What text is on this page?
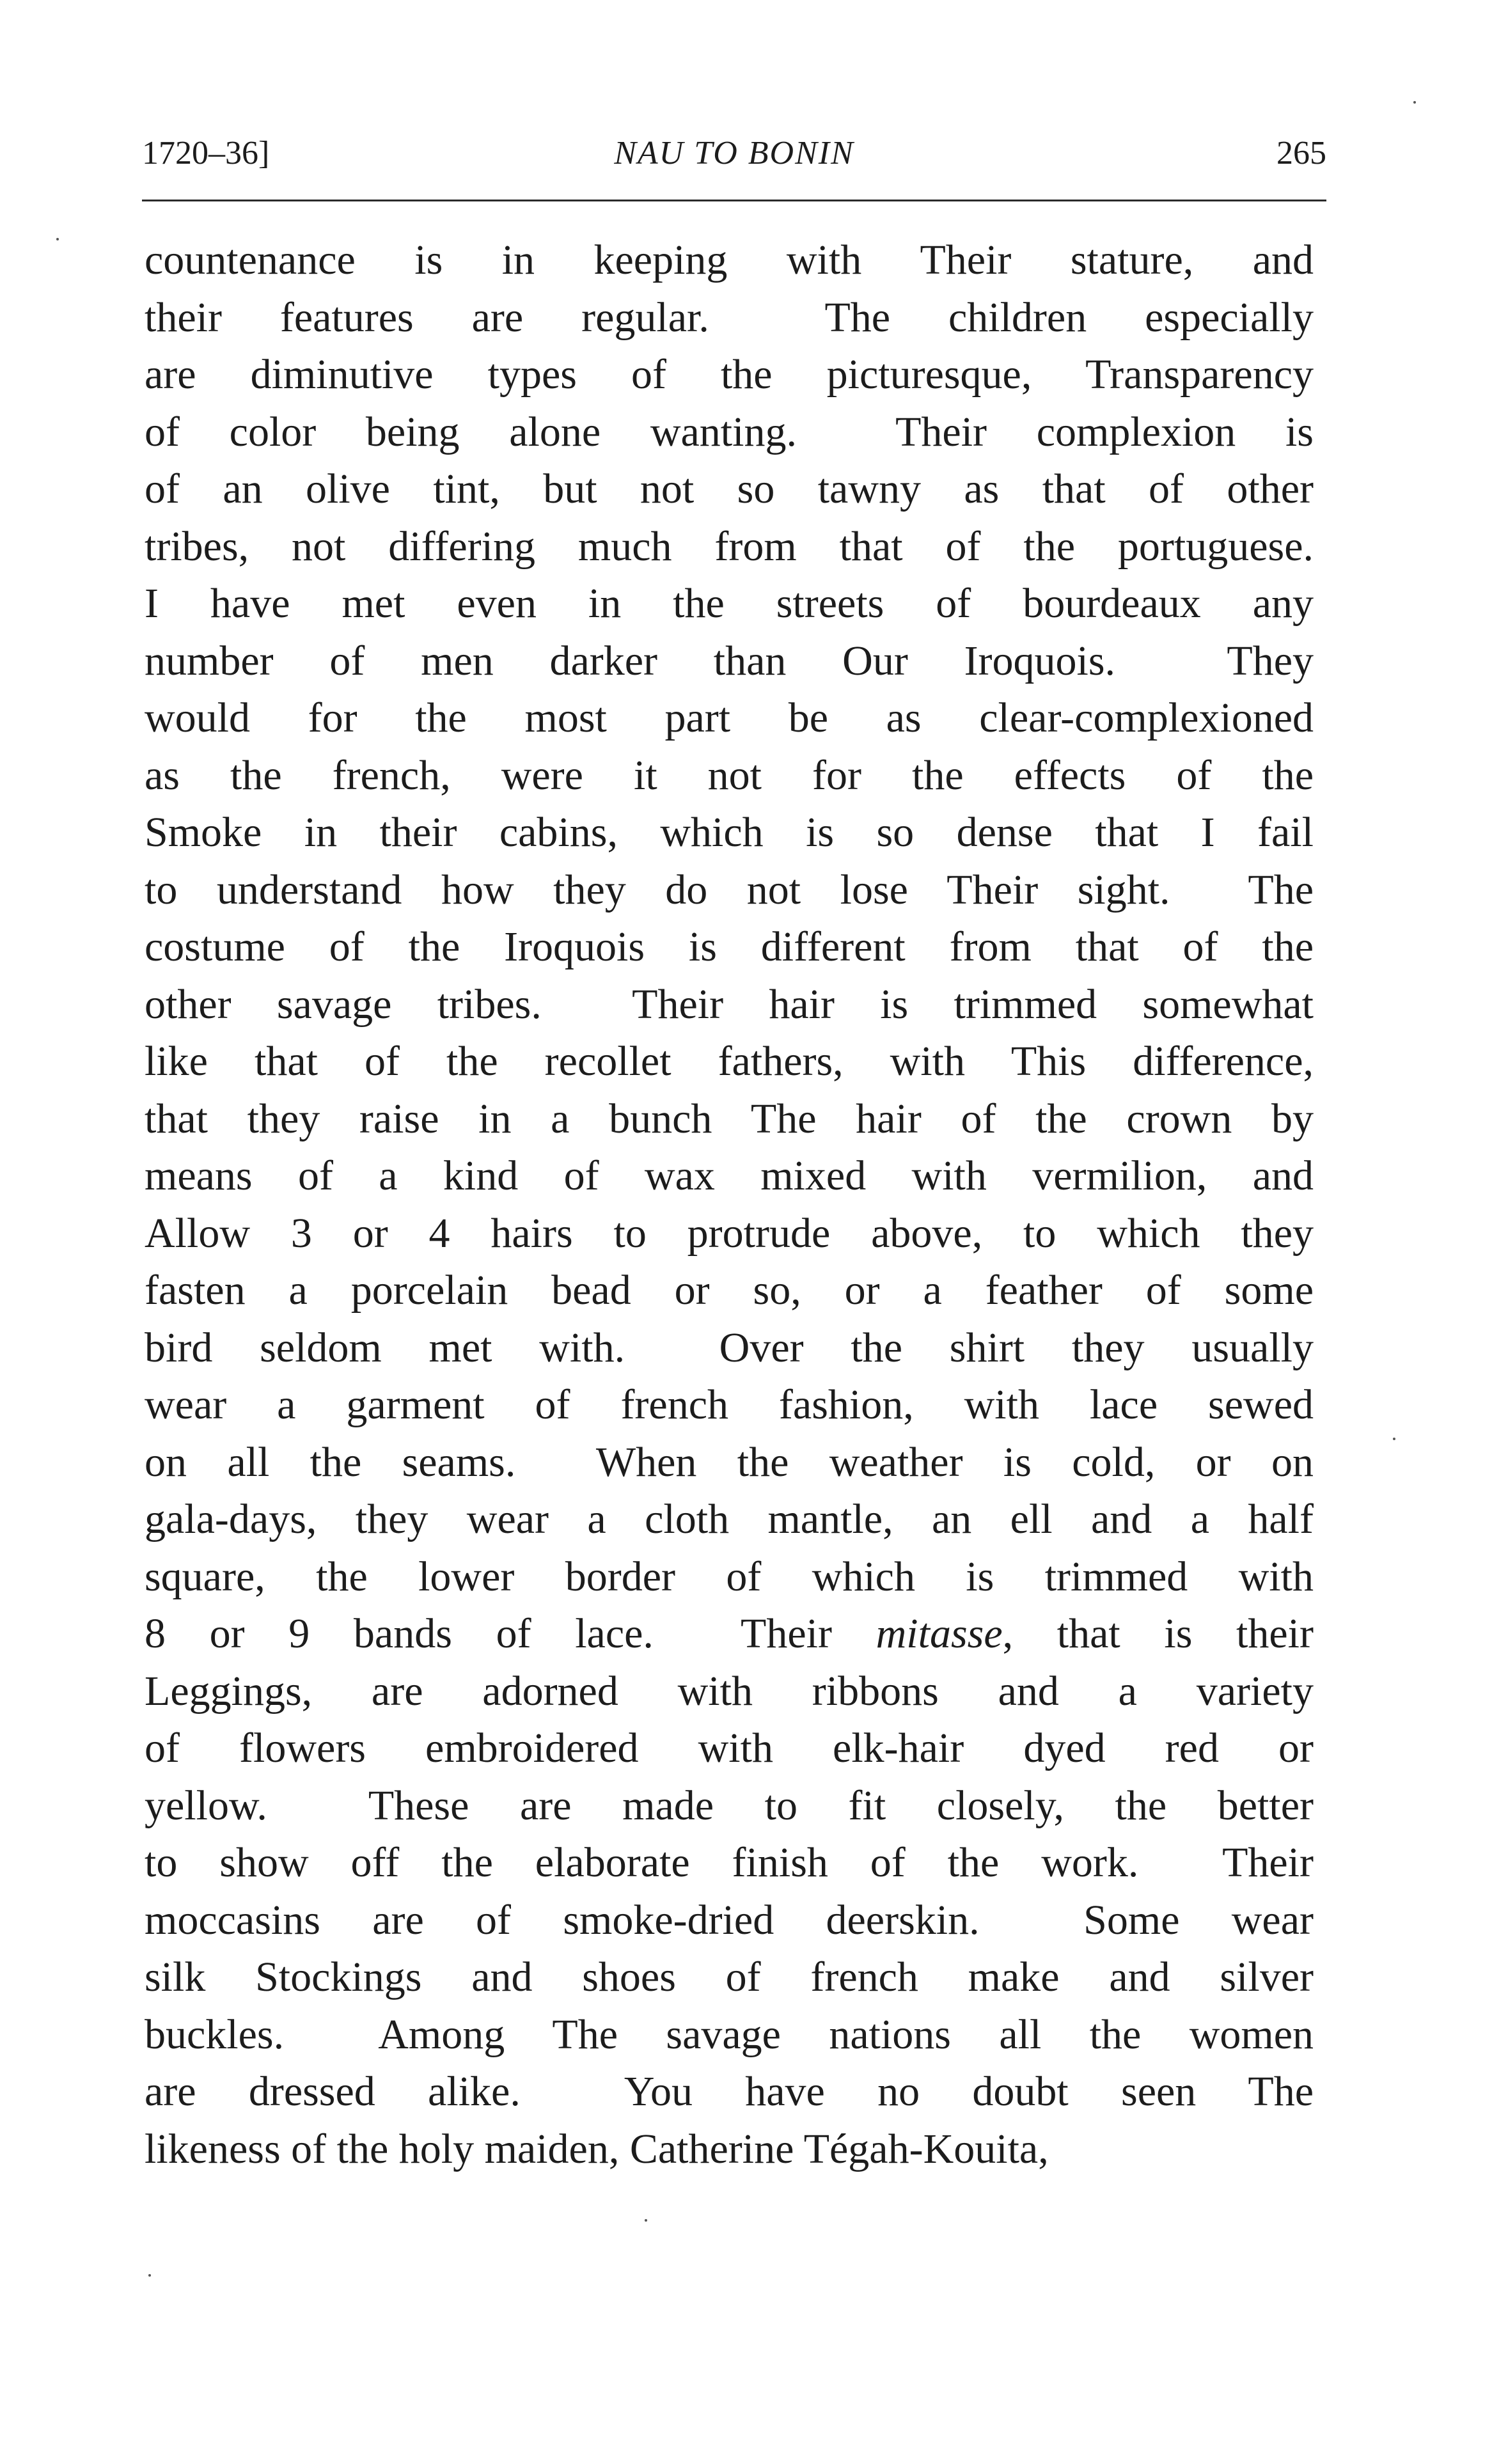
1720–36]	NAU TO BONIN	265
countenance is in keeping with Their stature, and
their features are regular.  The children especially
are diminutive types of the picturesque, Transparency
of color being alone wanting.  Their complexion is
of an olive tint, but not so tawny as that of other
tribes, not differing much from that of the portuguese.
I have met even in the streets of bourdeaux any
number of men darker than Our Iroquois.  They
would for the most part be as clear-complexioned
as the french, were it not for the effects of the
Smoke in their cabins, which is so dense that I fail
to understand how they do not lose Their sight.  The
costume of the Iroquois is different from that of the
other savage tribes.  Their hair is trimmed somewhat
like that of the recollet fathers, with This difference,
that they raise in a bunch The hair of the crown by
means of a kind of wax mixed with vermilion, and
Allow 3 or 4 hairs to protrude above, to which they
fasten a porcelain bead or so, or a feather of some
bird seldom met with.  Over the shirt they usually
wear a garment of french fashion, with lace sewed
on all the seams.  When the weather is cold, or on
gala-days, they wear a cloth mantle, an ell and a half
square, the lower border of which is trimmed with
8 or 9 bands of lace.  Their mitasse, that is their
Leggings, are adorned with ribbons and a variety
of flowers embroidered with elk-hair dyed red or
yellow.  These are made to fit closely, the better
to show off the elaborate finish of the work.  Their
moccasins are of smoke-dried deerskin.  Some wear
silk Stockings and shoes of french make and silver
buckles.  Among The savage nations all the women
are dressed alike.  You have no doubt seen The
likeness of the holy maiden, Catherine Tégah-Kouita,
